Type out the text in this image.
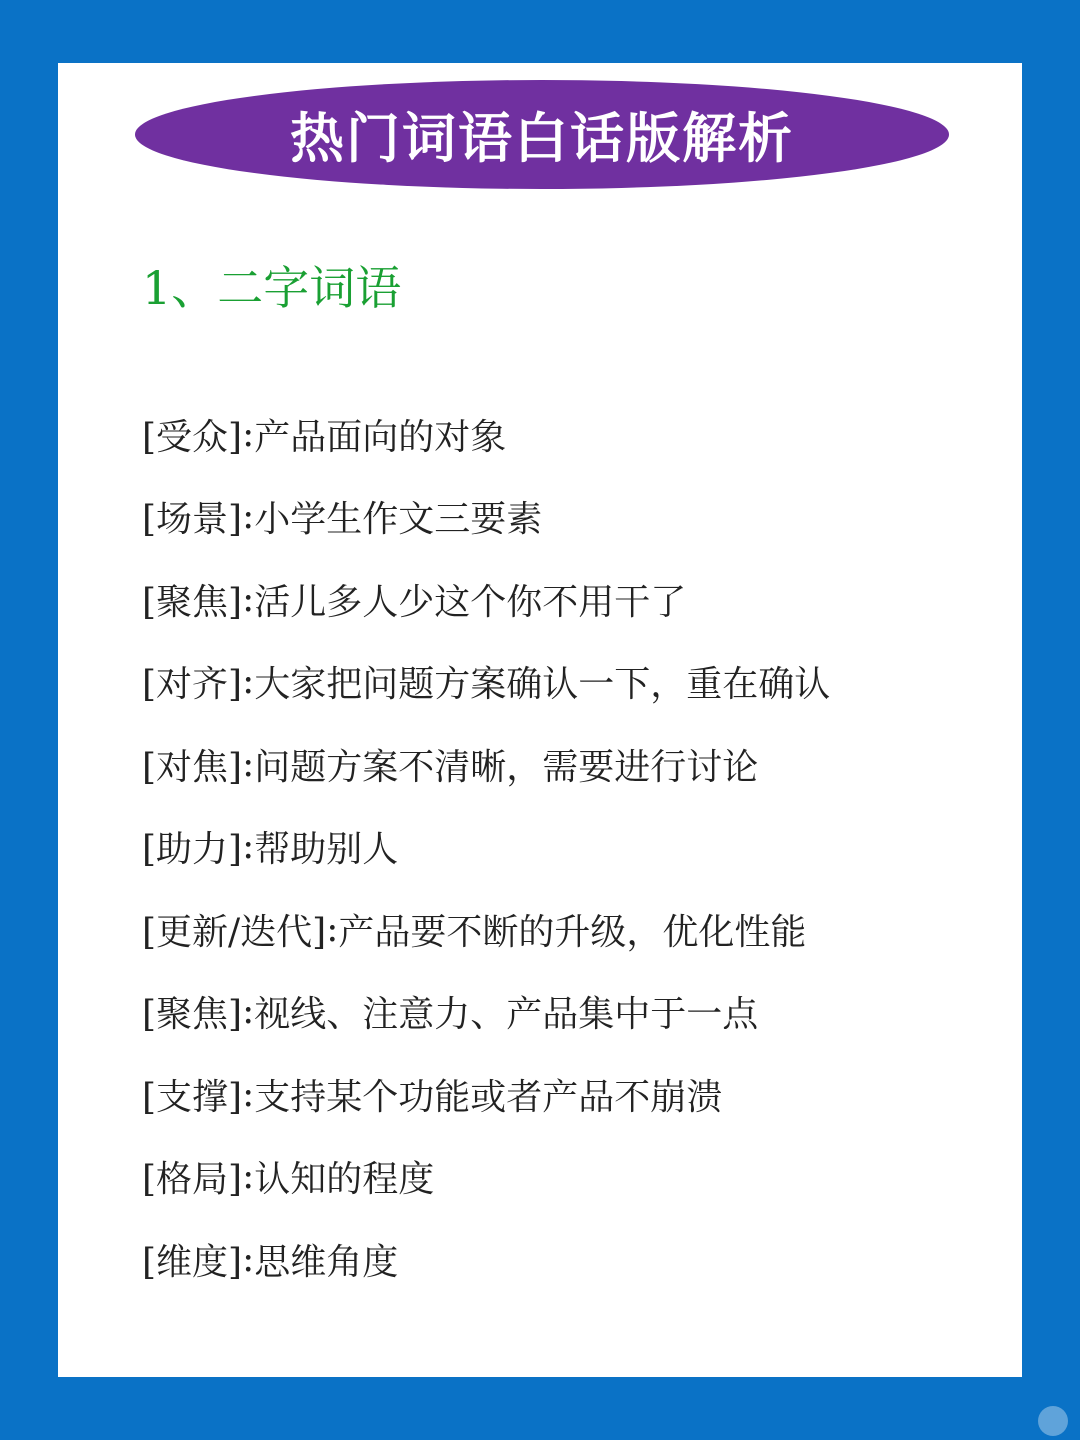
热门词语白话版解析
1、二字词语
[受众] : 产品面向的对象
[场景] : 小学生作文三要素
[聚焦] : 活儿多人少这个你不用干了
[对齐] : 大家把问题方案确认一下，重在确认
[对焦] : 问题方案不清晰，需要进行讨论
[助力] : 帮助别人
[更新/迭代] : 产品要不断的升级，优化性能
[聚焦] : 视线、注意力、产品集中于一点
[支撑] : 支持某个功能或者产品不崩溃
[格局] : 认知的程度
[维度] : 思维角度
